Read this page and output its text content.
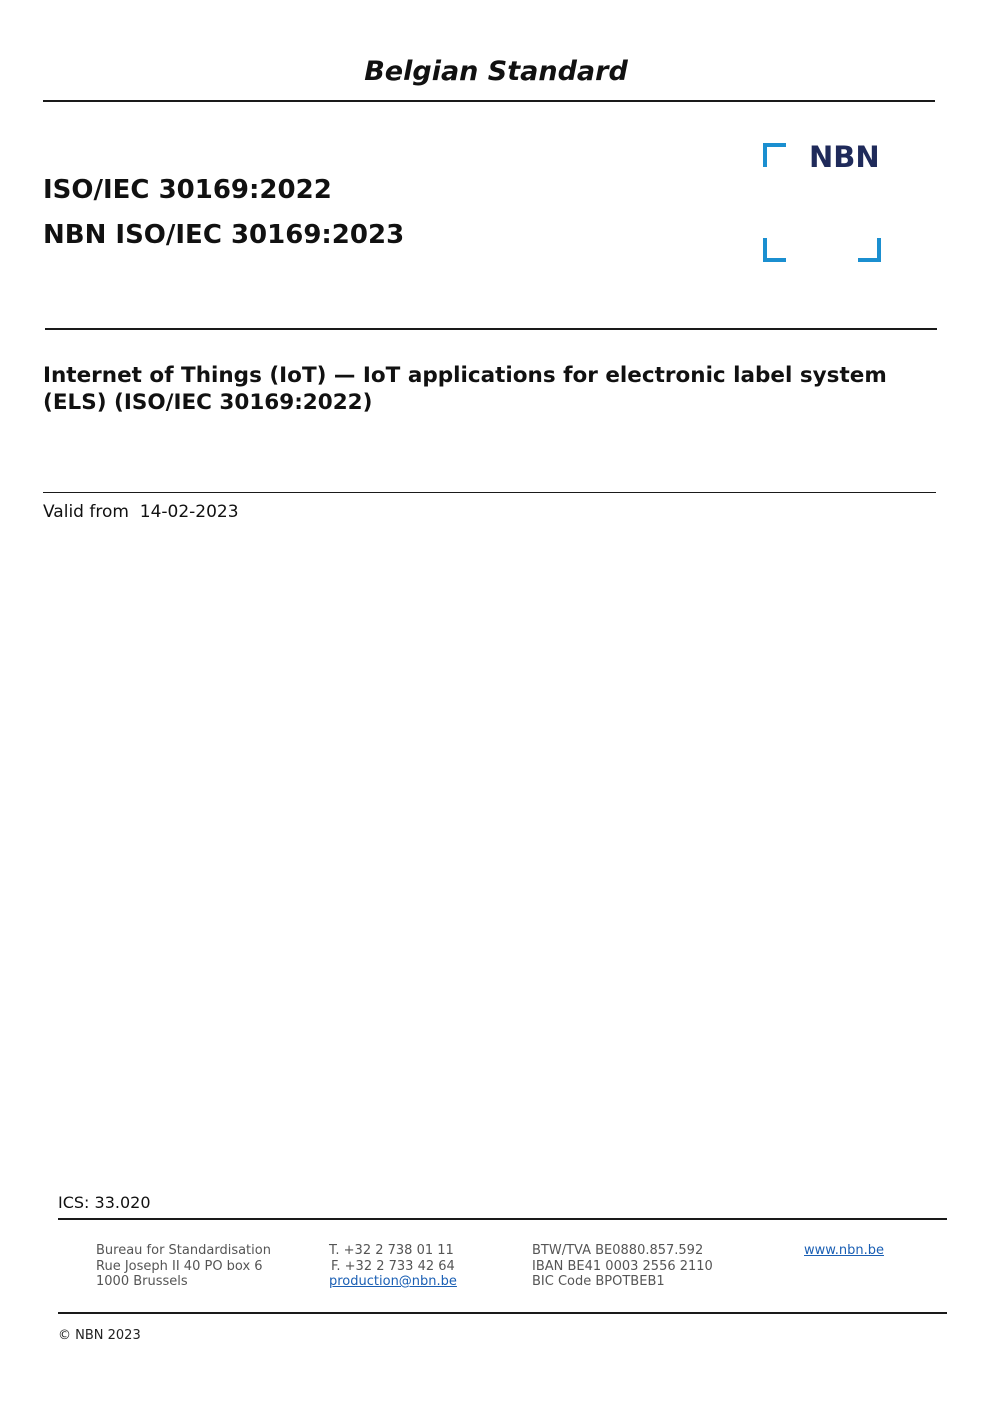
Belgian Standard
ISO/IEC 30169:2022
NBN ISO/IEC 30169:2023
NBN
Internet of Things (IoT) — IoT applications for electronic label system (ELS) (ISO/IEC 30169:2022)
Valid from 14-02-2023
ICS: 33.020
Bureau for Standardisation
Rue Joseph II 40 PO box 6
1000 Brussels
T. +32 2 738 01 11
F. +32 2 733 42 64
production@nbn.be
BTW/TVA BE0880.857.592
IBAN BE41 0003 2556 2110
BIC Code BPOTBEB1
www.nbn.be
© NBN 2023
